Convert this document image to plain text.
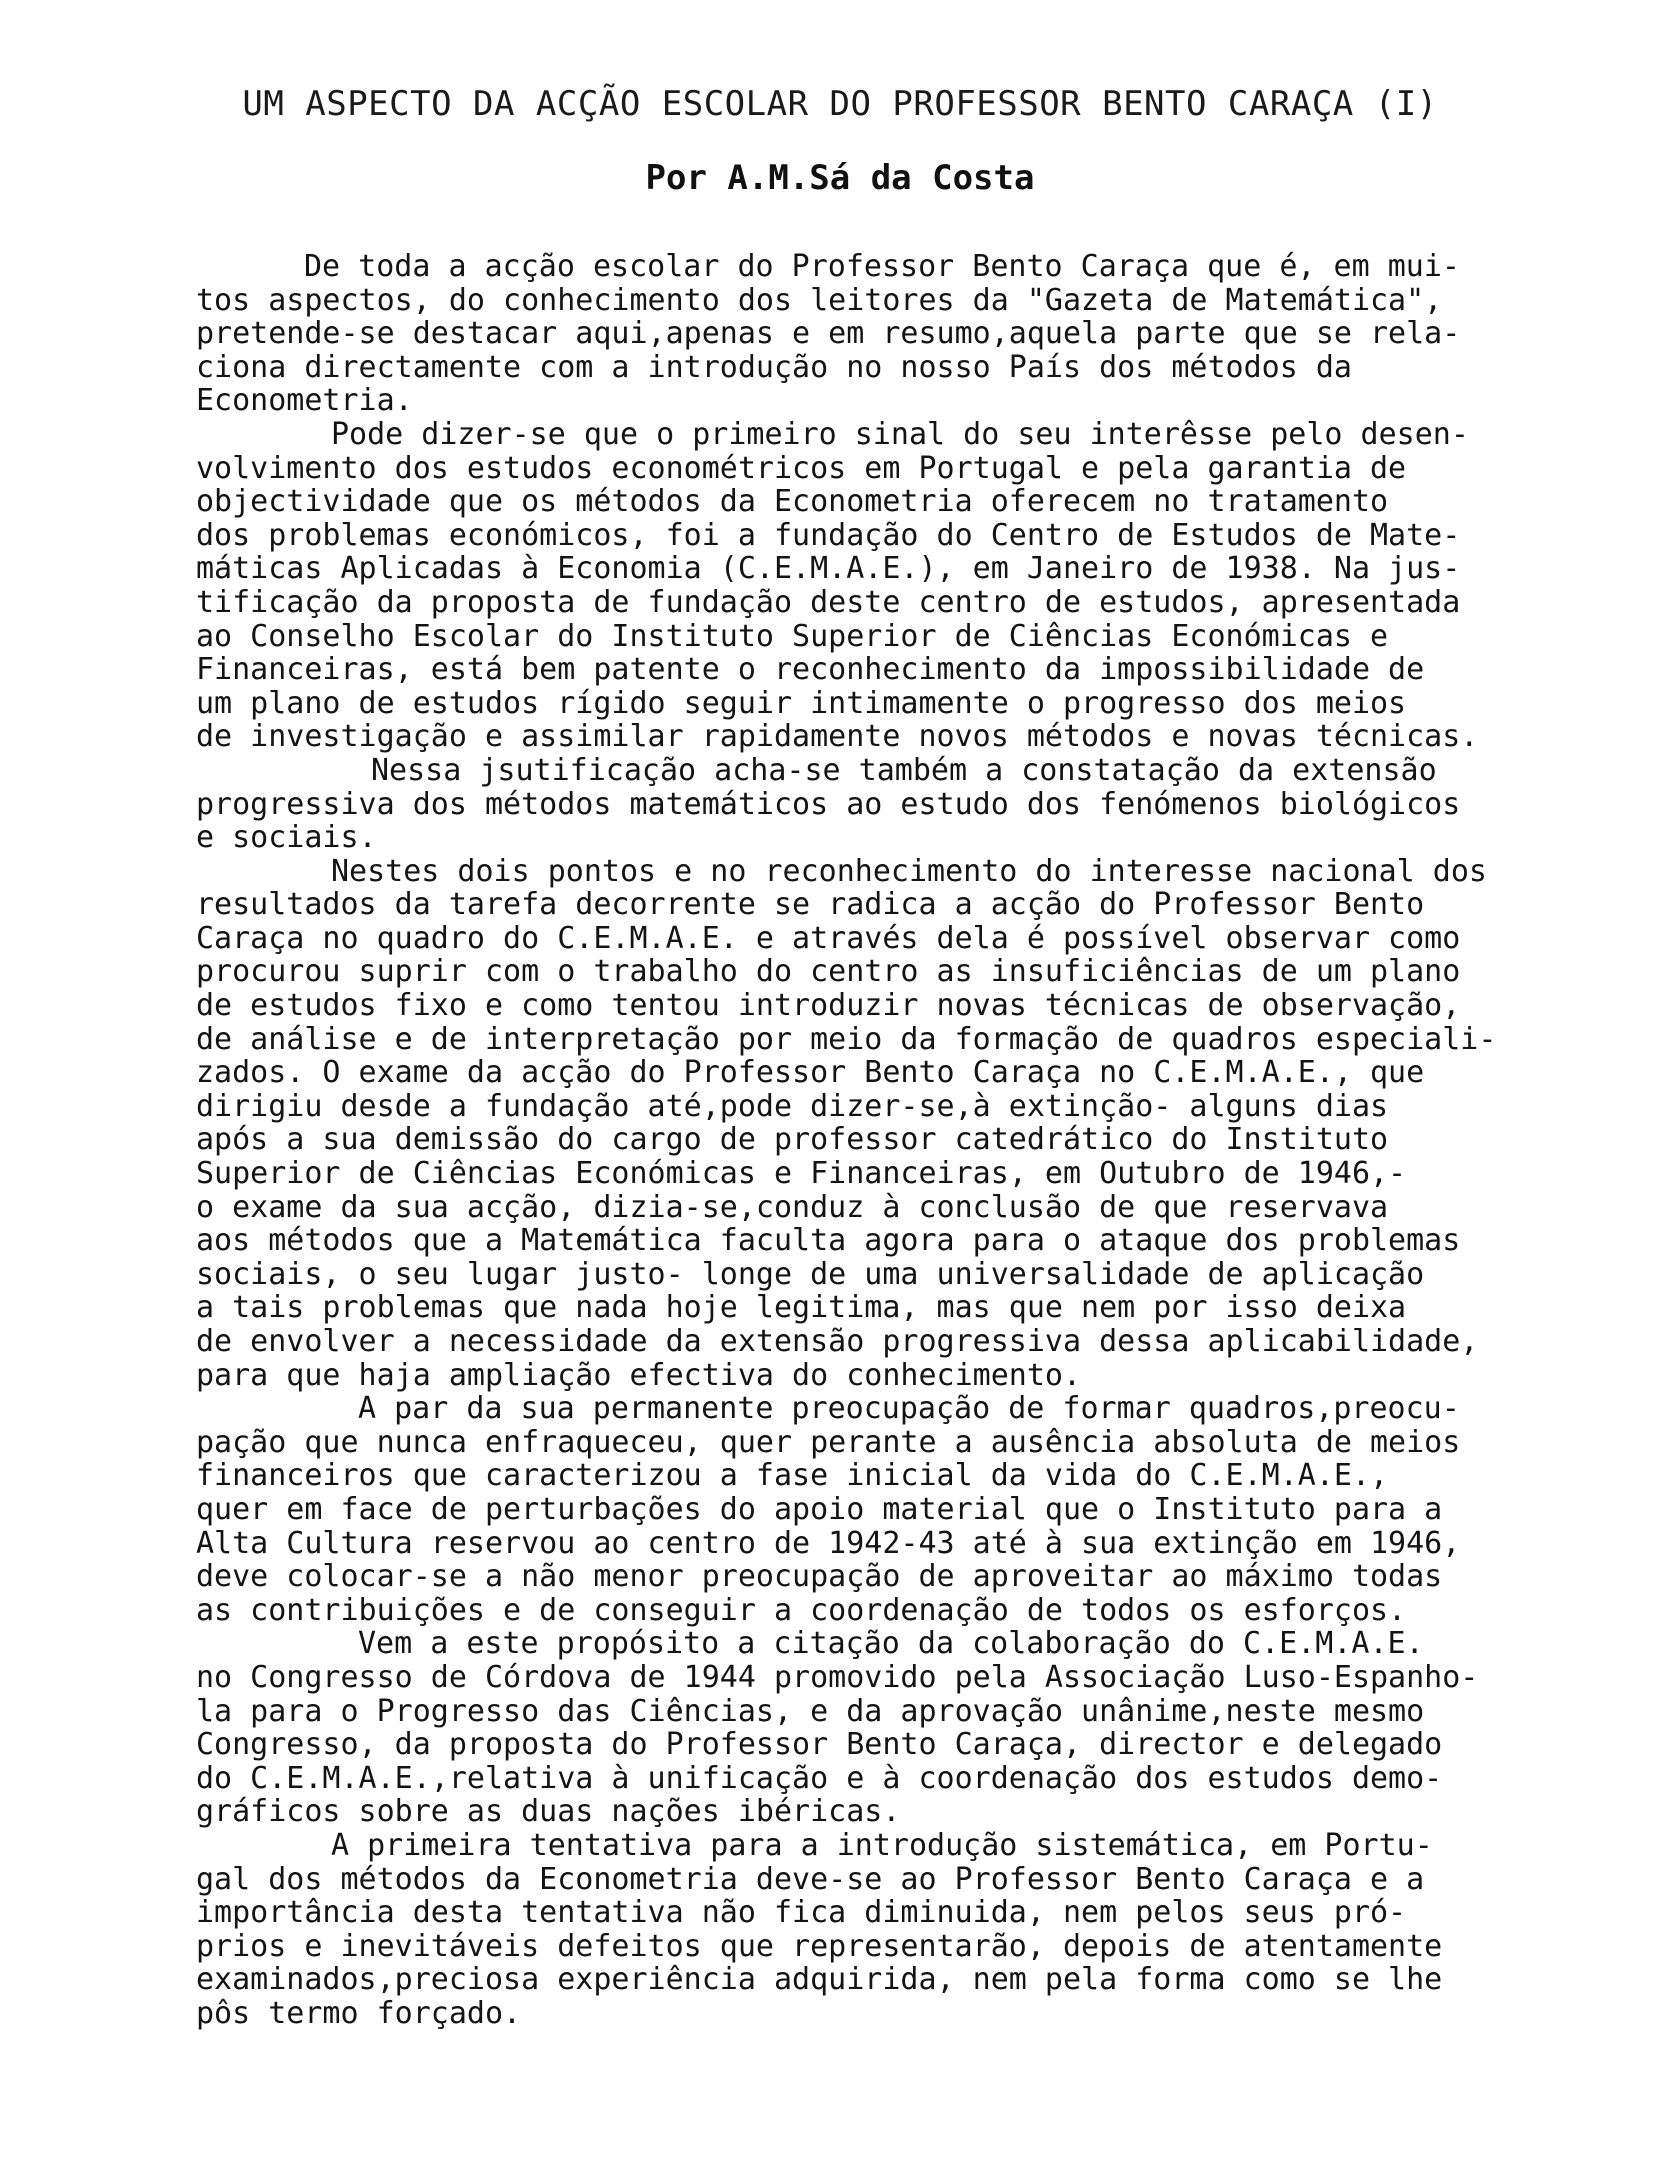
UM ASPECTO DA ACÇÃO ESCOLAR DO PROFESSOR BENTO CARAÇA (I)
Por A.M.Sá da Costa
De toda a acção escolar do Professor Bento Caraça que é, em mui-
tos aspectos, do conhecimento dos leitores da "Gazeta de Matemática",
pretende-se destacar aqui,apenas e em resumo,aquela parte que se rela-
ciona directamente com a introdução no nosso País dos métodos da
Econometria.
Pode dizer-se que o primeiro sinal do seu interêsse pelo desen-
volvimento dos estudos econométricos em Portugal e pela garantia de
objectividade que os métodos da Econometria oferecem no tratamento
dos problemas económicos, foi a fundação do Centro de Estudos de Mate-
máticas Aplicadas à Economia (C.E.M.A.E.), em Janeiro de 1938. Na jus-
tificação da proposta de fundação deste centro de estudos, apresentada
ao Conselho Escolar do Instituto Superior de Ciências Económicas e
Financeiras, está bem patente o reconhecimento da impossibilidade de
um plano de estudos rígido seguir intimamente o progresso dos meios
de investigação e assimilar rapidamente novos métodos e novas técnicas.
Nessa jsutificação acha-se também a constatação da extensão
progressiva dos métodos matemáticos ao estudo dos fenómenos biológicos
e sociais.
Nestes dois pontos e no reconhecimento do interesse nacional dos
resultados da tarefa decorrente se radica a acção do Professor Bento
Caraça no quadro do C.E.M.A.E. e através dela é possível observar como
procurou suprir com o trabalho do centro as insuficiências de um plano
de estudos fixo e como tentou introduzir novas técnicas de observação,
de análise e de interpretação por meio da formação de quadros especiali-
zados. O exame da acção do Professor Bento Caraça no C.E.M.A.E., que
dirigiu desde a fundação até,pode dizer-se,à extinção- alguns dias
após a sua demissão do cargo de professor catedrático do Instituto
Superior de Ciências Económicas e Financeiras, em Outubro de 1946,-
o exame da sua acção, dizia-se,conduz à conclusão de que reservava
aos métodos que a Matemática faculta agora para o ataque dos problemas
sociais, o seu lugar justo- longe de uma universalidade de aplicação
a tais problemas que nada hoje legitima, mas que nem por isso deixa
de envolver a necessidade da extensão progressiva dessa aplicabilidade,
para que haja ampliação efectiva do conhecimento.
A par da sua permanente preocupação de formar quadros,preocu-
pação que nunca enfraqueceu, quer perante a ausência absoluta de meios
financeiros que caracterizou a fase inicial da vida do C.E.M.A.E.,
quer em face de perturbações do apoio material que o Instituto para a
Alta Cultura reservou ao centro de 1942-43 até à sua extinção em 1946,
deve colocar-se a não menor preocupação de aproveitar ao máximo todas
as contribuições e de conseguir a coordenação de todos os esforços.
Vem a este propósito a citação da colaboração do C.E.M.A.E.
no Congresso de Córdova de 1944 promovido pela Associação Luso-Espanho-
la para o Progresso das Ciências, e da aprovação unânime,neste mesmo
Congresso, da proposta do Professor Bento Caraça, director e delegado
do C.E.M.A.E.,relativa à unificação e à coordenação dos estudos demo-
gráficos sobre as duas nações ibéricas.
A primeira tentativa para a introdução sistemática, em Portu-
gal dos métodos da Econometria deve-se ao Professor Bento Caraça e a
importância desta tentativa não fica diminuida, nem pelos seus pró-
prios e inevitáveis defeitos que representarão, depois de atentamente
examinados,preciosa experiência adquirida, nem pela forma como se lhe
pôs termo forçado.
